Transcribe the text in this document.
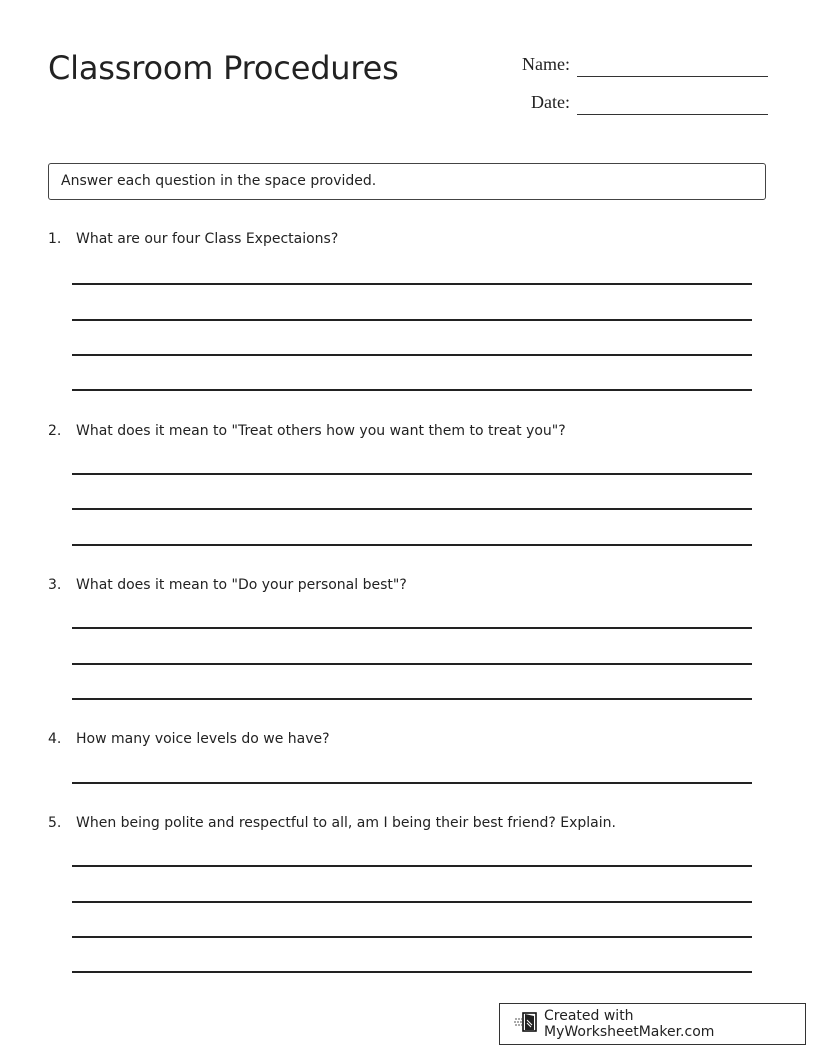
Classroom Procedures	Name:
Date:
Answer each question in the space provided.
1. What are our four Class Expectaions?
2. What does it mean to "Treat others how you want them to treat you"?
3. What does it mean to "Do your personal best"?
4. How many voice levels do we have?
5. When being polite and respectful to all, am I being their best friend? Explain.
Created with MyWorksheetMaker.com
